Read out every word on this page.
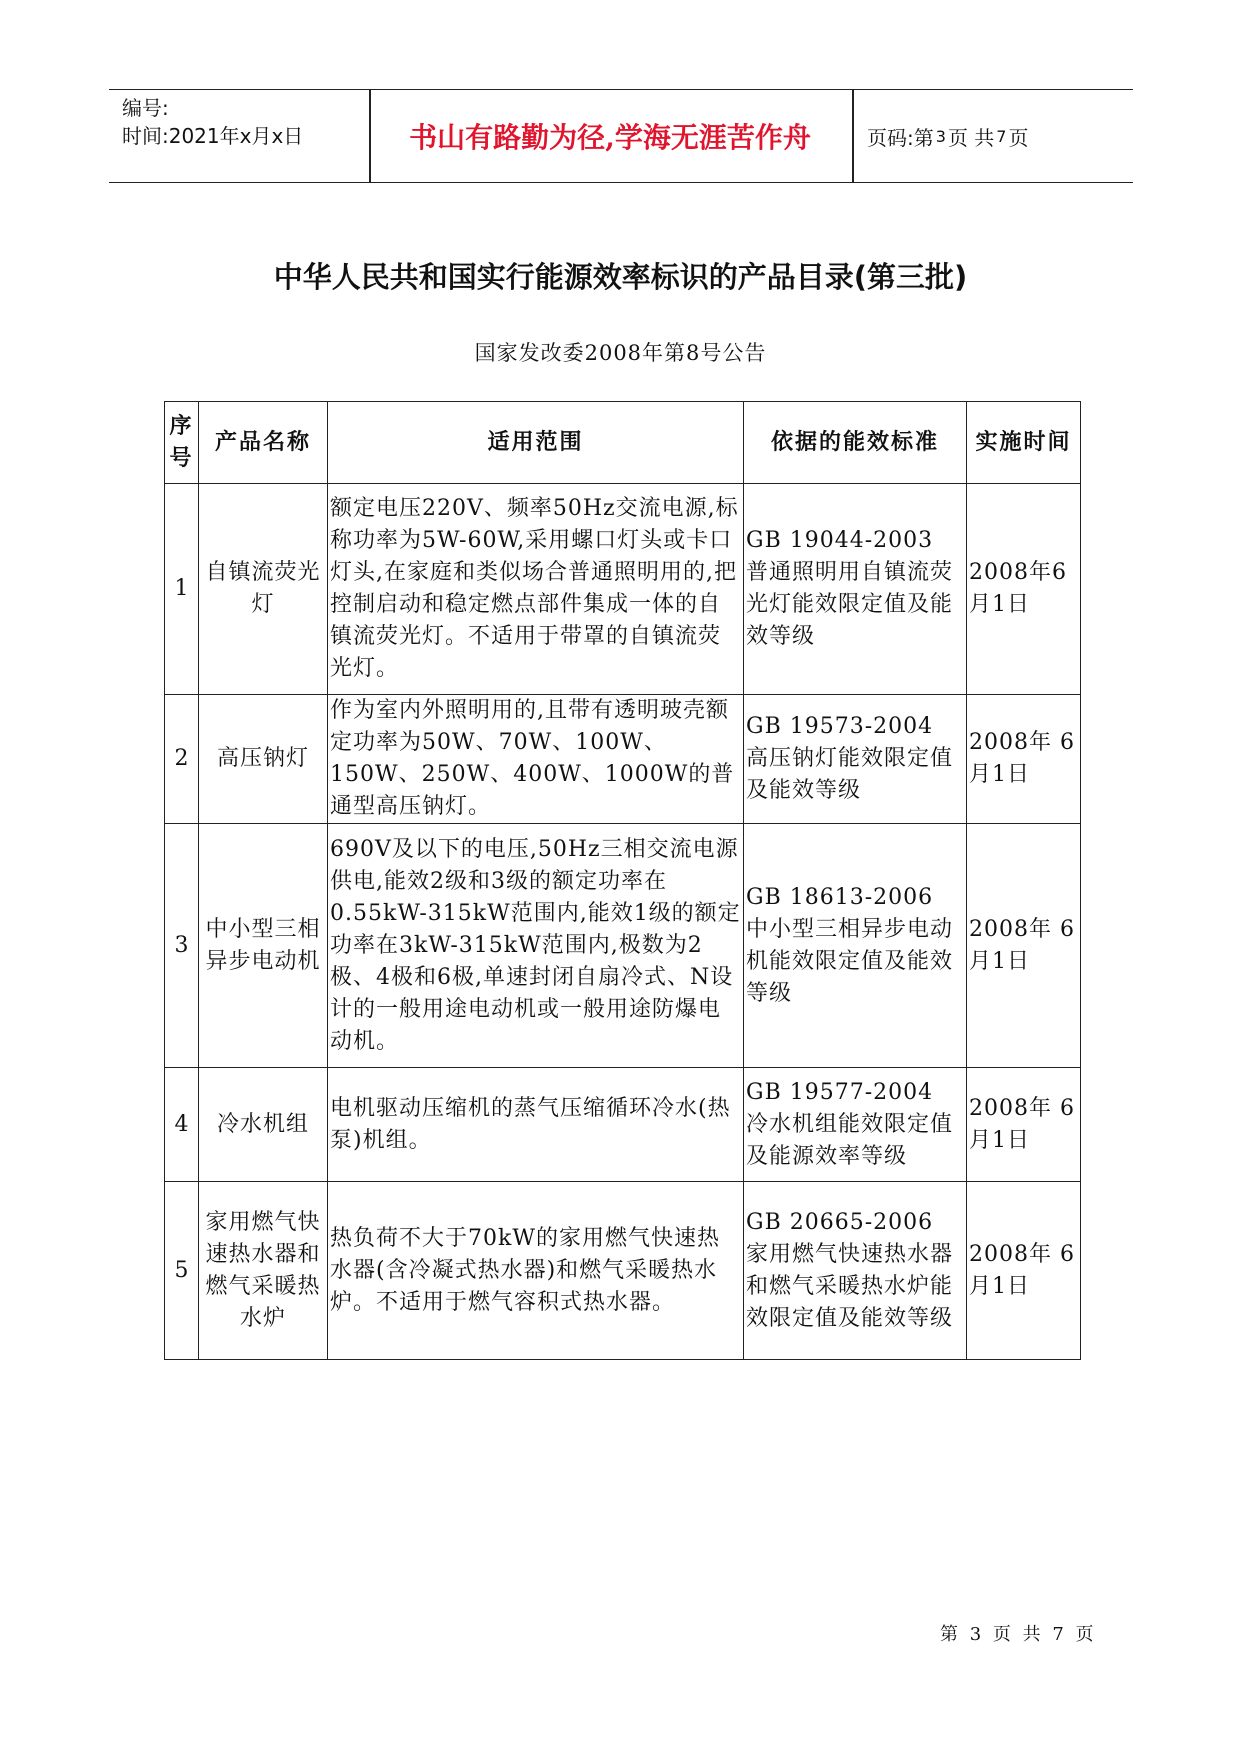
编号:
时间:2021年x月x日	书山有路勤为径,学海无涯苦作舟	页码:第 3 页 共 7 页
中华人民共和国实行能源效率标识的产品目录(第三批)
国家发改委2008年第8号公告
序号	产品名称	适用范围	依据的能效标准	实施时间
1	自镇流荧光灯	额定电压220V、频率50Hz交流电源,标称功率为5W-60W,采用螺口灯头或卡口灯头,在家庭和类似场合普通照明用的,把控制启动和稳定燃点部件集成一体的自镇流荧光灯。不适用于带罩的自镇流荧光灯。	GB 19044-2003 普通照明用自镇流荧光灯能效限定值及能效等级	2008年6月1日
2	高压钠灯	作为室内外照明用的,且带有透明玻壳额定功率为50W、70W、100W、150W、250W、400W、1000W的普通型高压钠灯。	GB 19573-2004 高压钠灯能效限定值及能效等级	2008年 6月1日
3	中小型三相异步电动机	690V及以下的电压,50Hz三相交流电源供电,能效2级和3级的额定功率在0.55kW-315kW范围内,能效1级的额定功率在3kW-315kW范围内,极数为2极、4极和6极,单速封闭自扇冷式、N设计的一般用途电动机或一般用途防爆电动机。	GB 18613-2006 中小型三相异步电动机能效限定值及能效等级	2008年 6月1日
4	冷水机组	电机驱动压缩机的蒸气压缩循环冷水(热泵)机组。	GB 19577-2004 冷水机组能效限定值及能源效率等级	2008年 6月1日
5	家用燃气快速热水器和燃气采暖热水炉	热负荷不大于70kW的家用燃气快速热水器(含冷凝式热水器)和燃气采暖热水炉。不适用于燃气容积式热水器。	GB 20665-2006 家用燃气快速热水器和燃气采暖热水炉能效限定值及能效等级	2008年 6月1日
第 3 页 共 7 页
